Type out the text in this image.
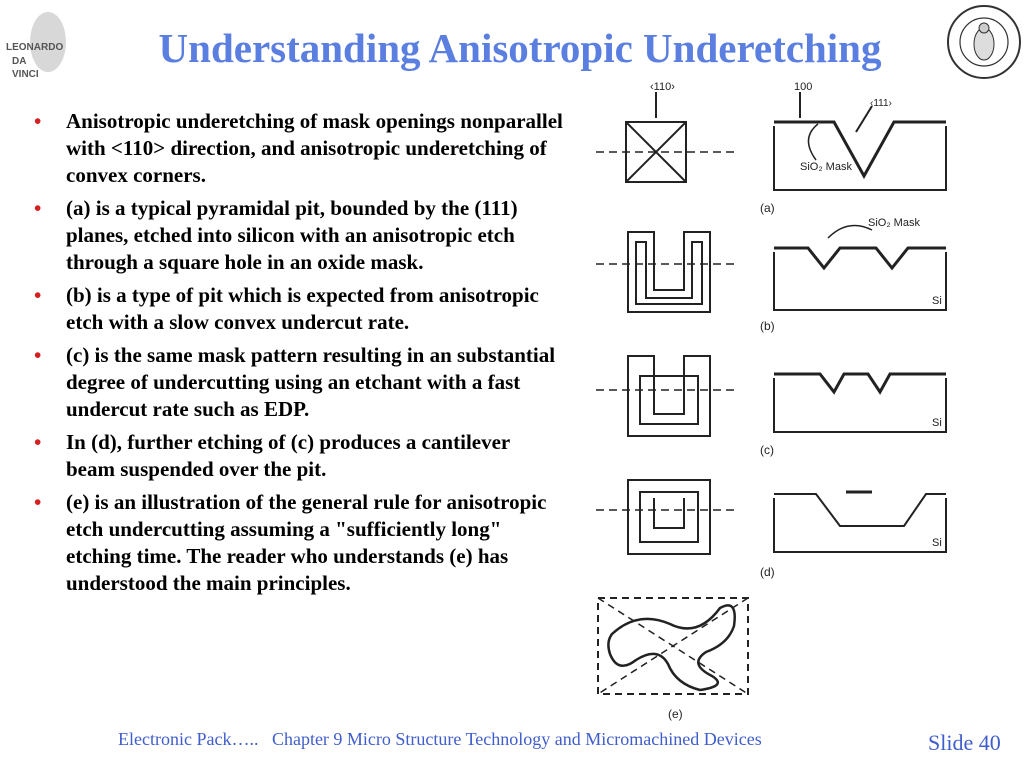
LEONARDO
DA
VINCI
Understanding Anisotropic Underetching
• Anisotropic underetching of mask openings nonparallel with <110> direction, and anisotropic underetching of convex corners.
• (a) is a typical pyramidal pit, bounded by the (111) planes, etched into silicon with an anisotropic etch through a square hole in an oxide mask.
• (b) is a type of pit which is expected from anisotropic etch with a slow convex undercut rate.
• (c) is the same mask pattern resulting in an substantial degree of undercutting using an etchant with a fast undercut rate such as EDP.
• In (d), further etching of (c) produces a cantilever beam suspended over the pit.
• (e) is an illustration of the general rule for anisotropic etch undercutting assuming a "sufficiently long" etching time. The reader who understands (e) has understood the main principles.
‹110›	100
‹111›
SiO₂ Mask
(a)
SiO₂ Mask
Si
(b)
Si
(c)
Si
(d)
(e)
Electronic Pack…..   Chapter 9 Micro Structure Technology and Micromachined Devices	Slide 40
